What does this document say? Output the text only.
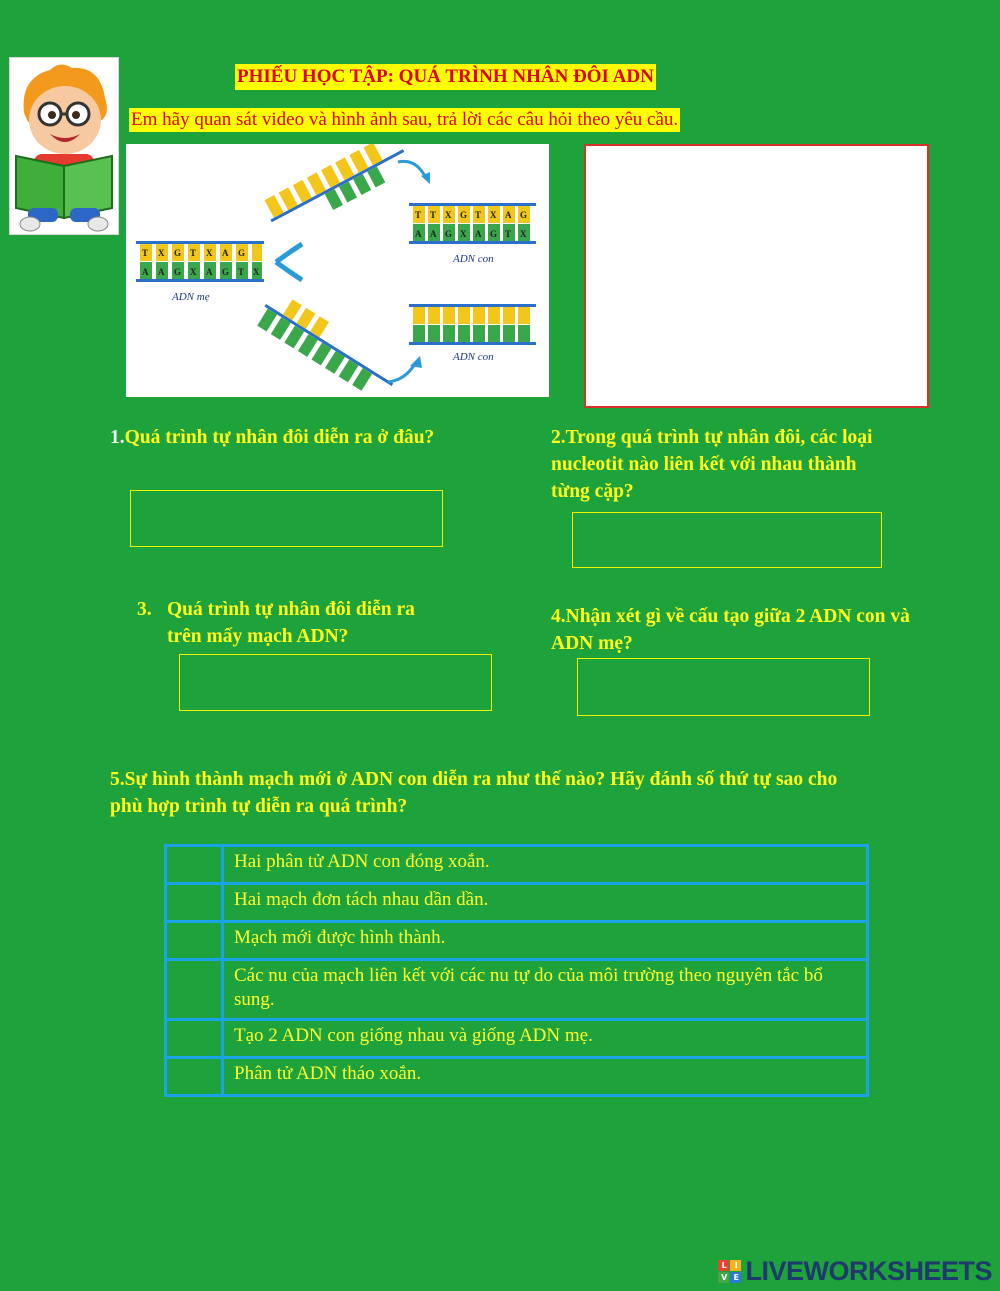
PHIẾU HỌC TẬP: QUÁ TRÌNH NHÂN ĐÔI ADN
Em hãy quan sát video và hình ảnh sau, trả lời các câu hỏi theo yêu cầu.
ADN mẹ
ADN con
ADN con
T X G T X A G
A A G X A G T X
T T X G T X A G
A A G X A G T X
1.Quá trình tự nhân đôi diễn ra ở đâu?	2.Trong quá trình tự nhân đôi, các loại nucleotit nào liên kết với nhau thành từng cặp?
3. Quá trình tự nhân đôi diễn ra
trên mấy mạch ADN?
4.Nhận xét gì về cấu tạo giữa 2 ADN con và ADN mẹ?
5.Sự hình thành mạch mới ở ADN con diễn ra như thế nào? Hãy đánh số thứ tự sao cho phù hợp trình tự diễn ra quá trình?
	Hai phân tử ADN con đóng xoắn.
	Hai mạch đơn tách nhau dần dần.
	Mạch mới được hình thành.
	Các nu của mạch liên kết với các nu tự do của môi trường theo nguyên tắc bổ sung.
	Tạo 2 ADN con giống nhau và giống ADN mẹ.
	Phân tử ADN tháo xoắn.
L	I
V E LIVEWORKSHEETS
